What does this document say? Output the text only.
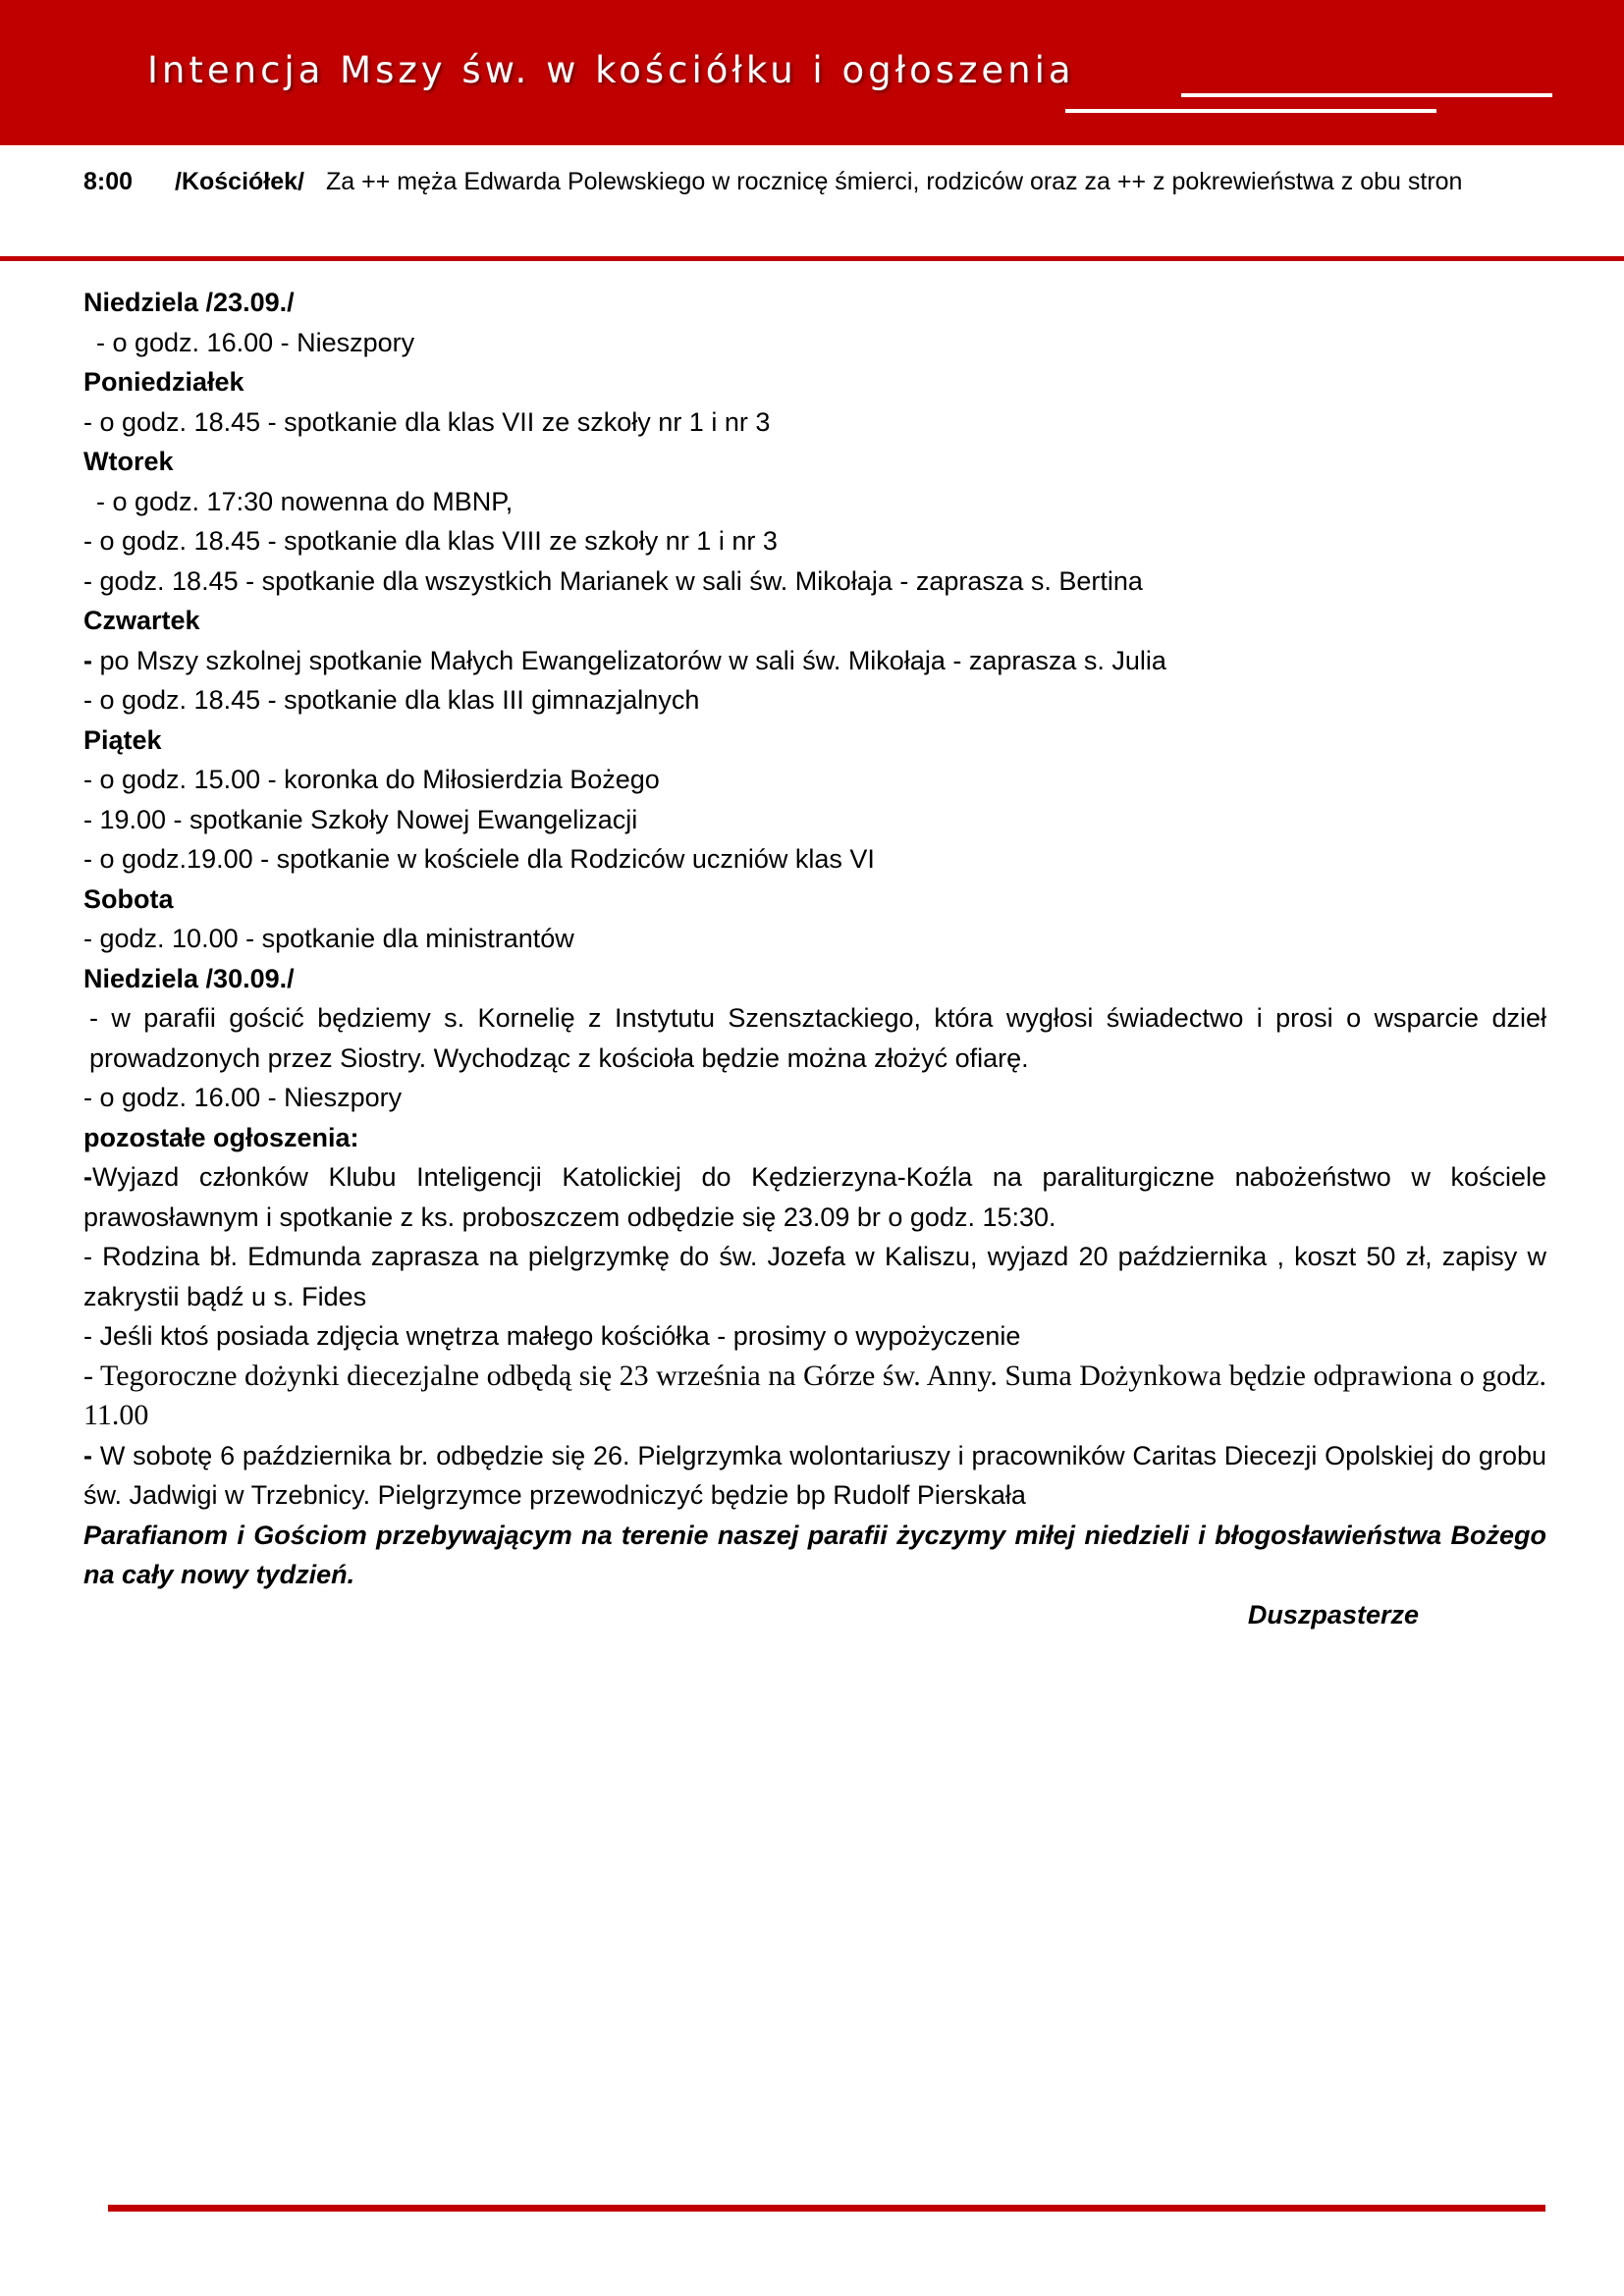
Intencja Mszy św. w kościółku i ogłoszenia
8:00 /Kościółek/ Za ++ męża Edwarda Polewskiego w rocznicę śmierci, rodziców oraz za ++ z pokrewieństwa z obu stron

Niedziela /23.09./

- o godz. 16.00 - Nieszpory

Poniedziałek

- o godz. 18.45 - spotkanie dla klas VII ze szkoły nr 1 i nr 3

Wtorek

- o godz. 17:30 nowenna do MBNP,

- o godz. 18.45 - spotkanie dla klas VIII ze szkoły nr 1 i nr 3

- godz. 18.45 - spotkanie dla wszystkich Marianek w sali św. Mikołaja - zaprasza s. Bertina

Czwartek

- po Mszy szkolnej spotkanie Małych Ewangelizatorów w sali św. Mikołaja - zaprasza s. Julia

- o godz. 18.45 - spotkanie dla klas III gimnazjalnych

Piątek

- o godz. 15.00 - koronka do Miłosierdzia Bożego

- 19.00 - spotkanie Szkoły Nowej Ewangelizacji

- o godz.19.00 - spotkanie w kościele dla Rodziców uczniów klas VI

Sobota

- godz. 10.00 - spotkanie dla ministrantów

Niedziela /30.09./

- w parafii gościć będziemy s. Kornelię z Instytutu Szensztackiego, która wygłosi świadectwo i prosi o wsparcie dzieł prowadzonych przez Siostry. Wychodząc z kościoła będzie można złożyć ofiarę.

- o godz. 16.00 - Nieszpory

pozostałe ogłoszenia:

-Wyjazd członków Klubu Inteligencji Katolickiej do Kędzierzyna-Koźla na paraliturgiczne nabożeństwo w kościele prawosławnym i spotkanie z ks. proboszczem odbędzie się 23.09 br o godz. 15:30.

- Rodzina bł. Edmunda zaprasza na pielgrzymkę do św. Jozefa w Kaliszu, wyjazd 20 października , koszt 50 zł, zapisy w zakrystii bądź u s. Fides

- Jeśli ktoś posiada zdjęcia wnętrza małego kościółka - prosimy o wypożyczenie

- Tegoroczne dożynki diecezjalne odbędą się 23 września na Górze św. Anny. Suma Dożynkowa będzie odprawiona o godz. 11.00

- W sobotę 6 października br. odbędzie się 26. Pielgrzymka wolontariuszy i pracowników Caritas Diecezji Opolskiej do grobu św. Jadwigi w Trzebnicy. Pielgrzymce przewodniczyć będzie bp Rudolf Pierskała

Parafianom i Gościom przebywającym na terenie naszej parafii życzymy miłej niedzieli i błogosławieństwa Bożego na cały nowy tydzień.

Duszpasterze
